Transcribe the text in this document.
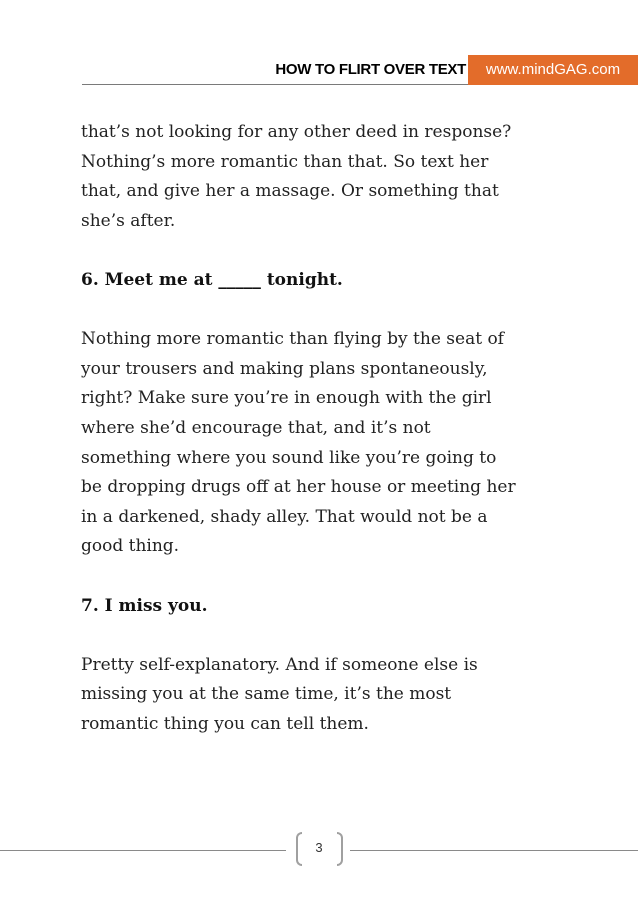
HOW TO FLIRT OVER TEXT	www.mindGAG.com

that’s not looking for any other deed in response?

Nothing’s more romantic than that. So text her

that, and give her a massage. Or something that

she’s after.

6. Meet me at _____ tonight.

Nothing more romantic than flying by the seat of

your trousers and making plans spontaneously,

right? Make sure you’re in enough with the girl

where she’d encourage that, and it’s not

something where you sound like you’re going to

be dropping drugs off at her house or meeting her

in a darkened, shady alley. That would not be a

good thing.

7. I miss you.

Pretty self-explanatory. And if someone else is

missing you at the same time, it’s the most

romantic thing you can tell them.

3
